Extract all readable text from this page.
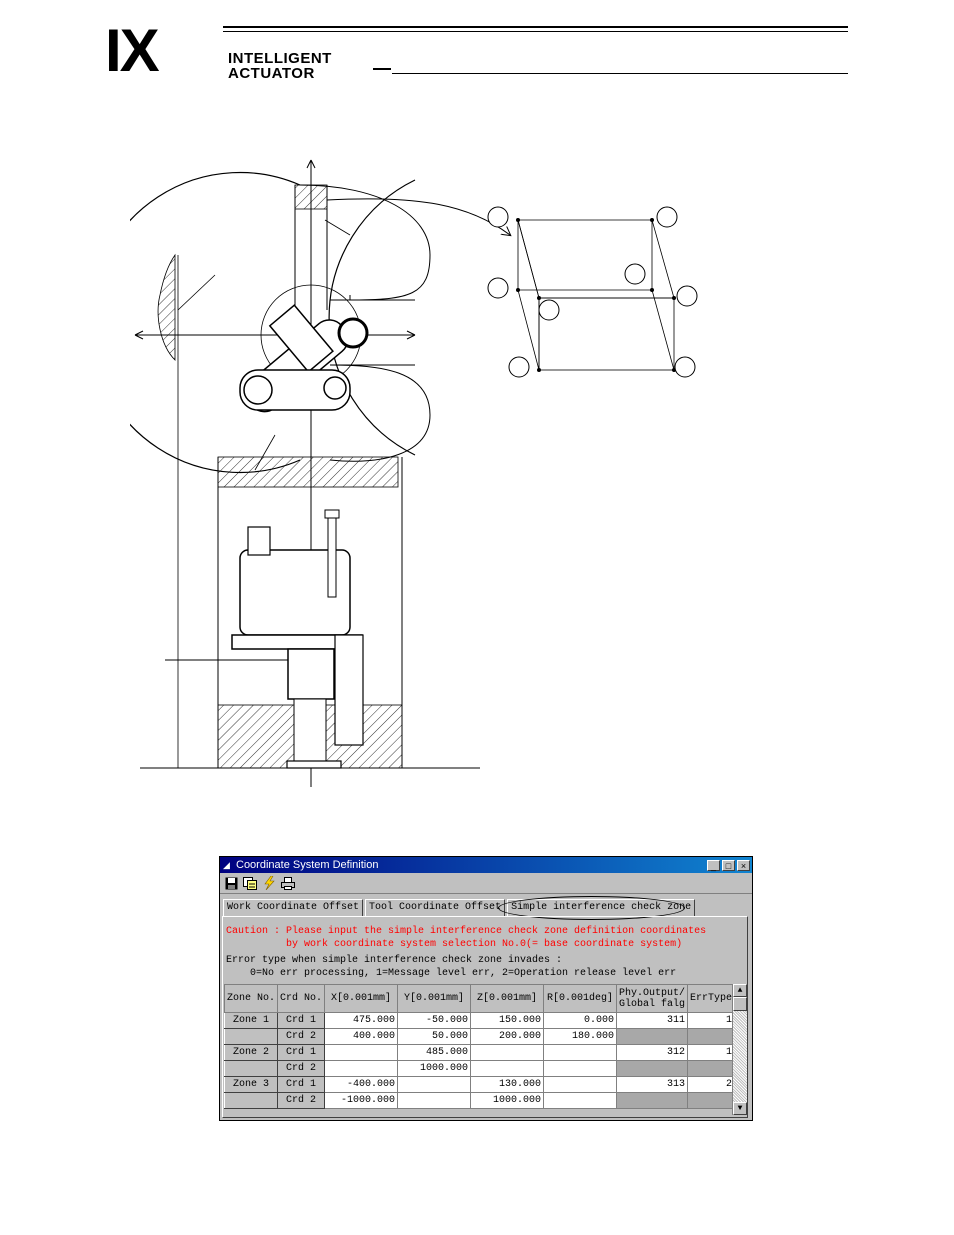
IX	INTELLIGENT
ACTUATOR
◢ Coordinate System Definition	_	□	×
Work Coordinate Offset	Tool Coordinate Offset	Simple interference check zone
Caution : Please input the simple interference check zone definition coordinates
by work coordinate system selection No.0(= base coordinate system)
Error type when simple interference check zone invades :
0=No err processing, 1=Message level err, 2=Operation release level err
Zone No.	Crd No.	X[0.001mm]	Y[0.001mm]	Z[0.001mm]	R[0.001deg]	Phy.Output/
Global falg	ErrType
Zone 1	Crd 1	475.000	-50.000	150.000	0.000	311	1
	Crd 2	400.000	50.000	200.000	180.000		
Zone 2	Crd 1		485.000			312	1
	Crd 2		1000.000				
Zone 3	Crd 1	-400.000		130.000		313	2
	Crd 2	-1000.000		1000.000			
▲
▼
